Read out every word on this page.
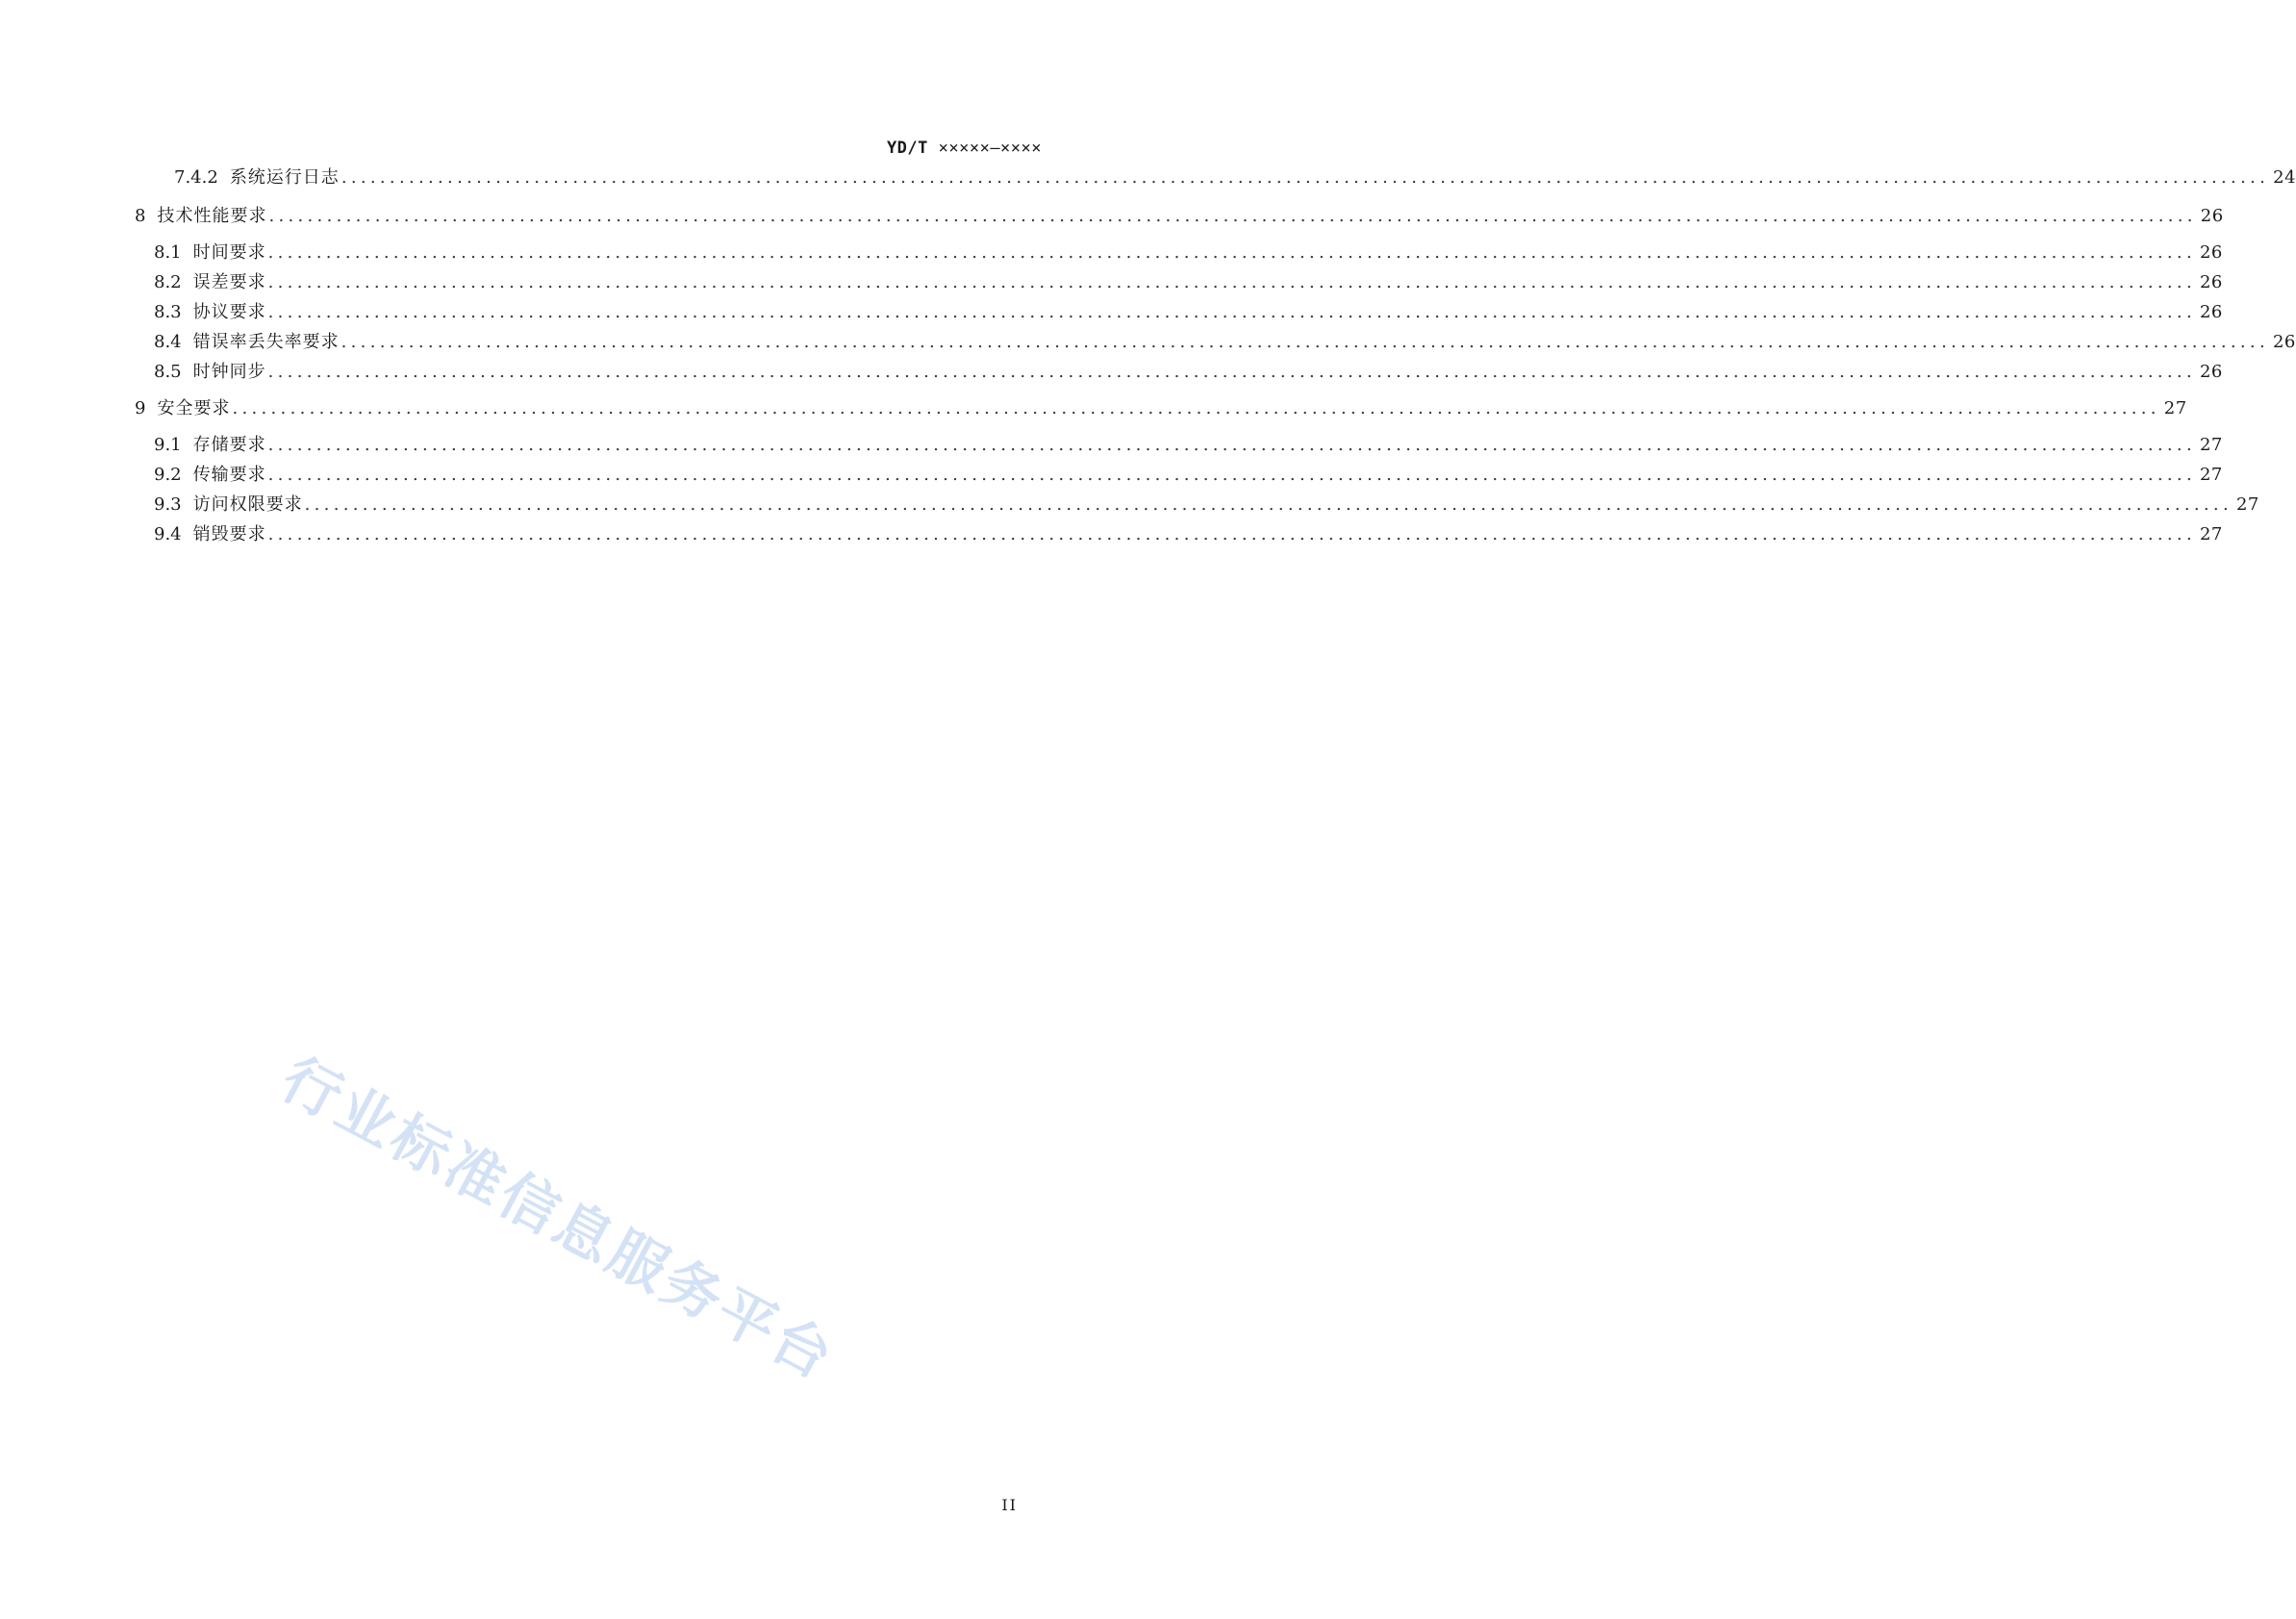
YD/T ×××××—××××
7.4.2 系统运行日志 ........................................................................................................................................................................................................ 24
8 技术性能要求 ........................................................................................................................................................................................................ 26
8.1 时间要求 ........................................................................................................................................................................................................ 26
8.2 误差要求 ........................................................................................................................................................................................................ 26
8.3 协议要求 ........................................................................................................................................................................................................ 26
8.4 错误率丢失率要求 ........................................................................................................................................................................................................ 26
8.5 时钟同步 ........................................................................................................................................................................................................ 26
9 安全要求 ........................................................................................................................................................................................................ 27
9.1 存储要求 ........................................................................................................................................................................................................ 27
9.2 传输要求 ........................................................................................................................................................................................................ 27
9.3 访问权限要求 ........................................................................................................................................................................................................ 27
9.4 销毁要求 ........................................................................................................................................................................................................ 27
行业标准信息服务平台
II
